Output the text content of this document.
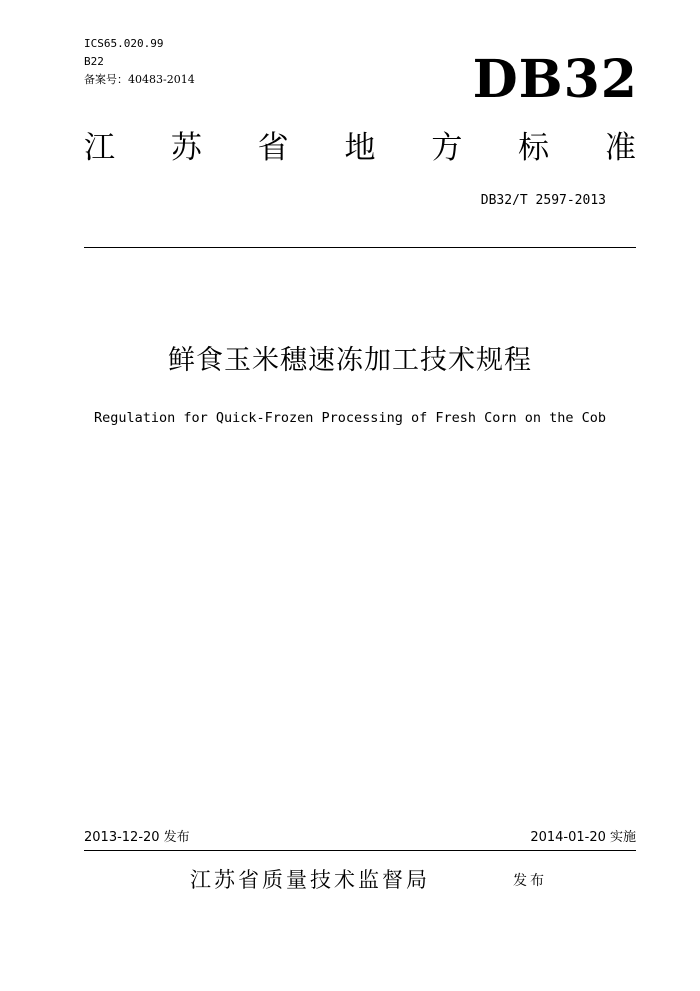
ICS65.020.99
B22
备案号：40483-2014	DB32
江 苏 省 地 方 标 准
DB32/T 2597-2013
鲜食玉米穗速冻加工技术规程
Regulation for Quick-Frozen Processing of Fresh Corn on the Cob
2013-12-20 发布	2014-01-20 实施
江苏省质量技术监督局	发布
